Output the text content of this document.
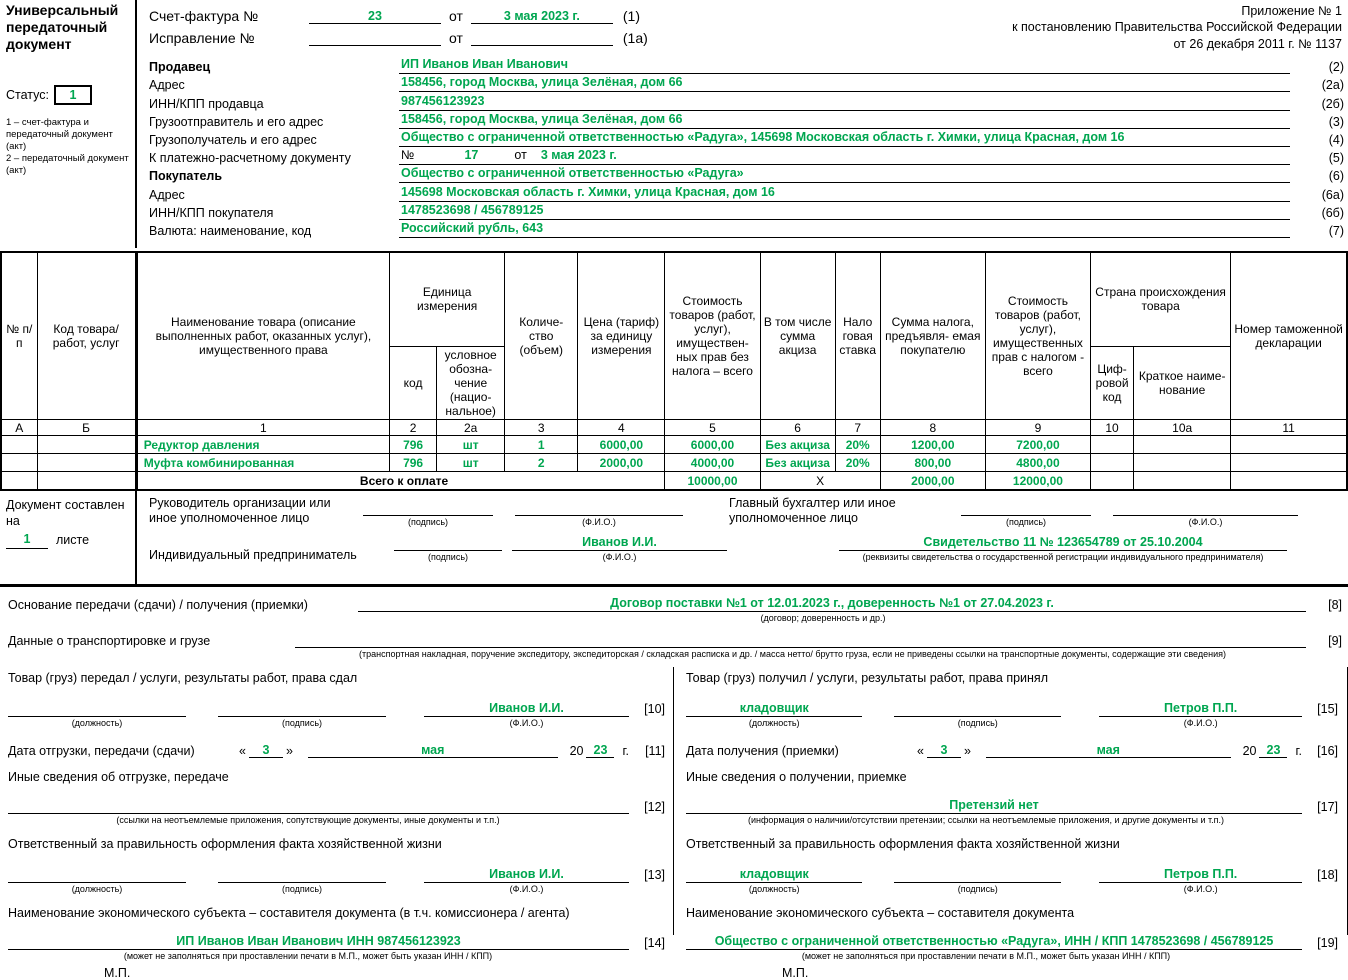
Универсальный передаточный документ
Статус:	1
1 – счет-фактура и передаточный документ (акт)
2 – передаточный документ (акт)
Приложение № 1
к постановлению Правительства Российской Федерации
от 26 декабря 2011 г. № 1137
Счет-фактура №	23	от	3 мая 2023 г.	(1)
Исправление №	от	(1а)
Продавец	ИП Иванов Иван Иванович	(2)
Адрес	158456, город Москва, улица Зелёная, дом 66	(2а)
ИНН/КПП продавца	987456123923	(2б)
Грузоотправитель и его адрес	158456, город Москва, улица Зелёная, дом 66	(3)
Грузополучатель и его адрес	Общество с ограниченной ответственностью «Радуга», 145698 Московская область г. Химки, улица Красная, дом 16	(4)
К платежно-расчетному документу	№	17	от 3 мая 2023 г.	(5)
Покупатель	Общество с ограниченной ответственностью «Радуга»	(6)
Адрес	145698 Московская область г. Химки, улица Красная, дом 16	(6а)
ИНН/КПП покупателя	1478523698 / 456789125	(6б)
Валюта: наименование, код	Российский рубль, 643	(7)
№ п/п	Код товара/ работ, услуг	Наименование товара (описание выполненных работ, оказанных услуг), имущественного права	Единица измерения		Количе- ство (объем)	Цена (тариф) за единицу измерения	Стоимость товаров (работ, услуг), имуществен- ных прав без налога – всего	В том числе сумма акциза	Нало говая ставка	Сумма налога, предъявля- емая покупателю	Стоимость товаров (работ, услуг), имущественных прав с налогом - всего	Страна происхождения товара		Номер таможенной декларации
			код	условное обозна- чение (нацио- нальное)								Циф- ровой код	Краткое наиме- нование	
А	Б	1	2	2а	3	4	5	6	7	8	9	10	10а	11
		Редуктор давления	796	шт	1	6000,00	6000,00	Без акциза	20%	1200,00	7200,00			
		Муфта комбинированная	796	шт	2	2000,00	4000,00	Без акциза	20%	800,00	4800,00			
		Всего к оплате					10000,00	X		2000,00	12000,00			
Документ составлен на
1	листе
Руководитель организации или иное уполномоченное лицо	(подпись)	(Ф.И.О.)
Главный бухгалтер или иное уполномоченное лицо	(подпись)	(Ф.И.О.)
Индивидуальный предприниматель	(подпись)
Иванов И.И.
(Ф.И.О.)
Свидетельство 11 № 123654789 от 25.10.2004
(реквизиты свидетельства о государственной регистрации индивидуального предпринимателя)
Основание передачи (сдачи) / получения (приемки)	Договор поставки №1 от 12.01.2023 г., доверенность №1 от 27.04.2023 г.	[8]
(договор; доверенность и др.)
Данные о транспортировке и грузе	[9]
(транспортная накладная, поручение экспедитору, экспедиторская / складская расписка и др. / масса нетто/ брутто груза, если не приведены ссылки на транспортные документы, содержащие эти сведения)
Товар (груз) передал / услуги, результаты работ, права сдал
(должность)	(подпись)
Иванов И.И.
(Ф.И.О.)
[10]
Дата отгрузки, передачи (сдачи)	«	3	»	мая	20 23	г.	[11]
Иные сведения об отгрузке, передаче
[12]
(ссылки на неотъемлемые приложения, сопутствующие документы, иные документы и т.п.)
Ответственный за правильность оформления факта хозяйственной жизни
(должность)	(подпись)
Иванов И.И.
(Ф.И.О.)
[13]
Наименование экономического субъекта – составителя документа (в т.ч. комиссионера / агента)
ИП Иванов Иван Иванович ИНН 987456123923	[14]
(может не заполняться при проставлении печати в М.П., может быть указан ИНН / КПП)
М.П.
Товар (груз) получил / услуги, результаты работ, права принял
кладовщик
(должность)	(подпись)
Петров П.П.
(Ф.И.О.)
[15]
Дата получения (приемки)	«	3	»	мая	20 23	г.	[16]
Иные сведения о получении, приемке
Претензий нет	[17]
(информация о наличии/отсутствии претензии; ссылки на неотъемлемые приложения, и другие документы и т.п.)
Ответственный за правильность оформления факта хозяйственной жизни
кладовщик
(должность)	(подпись)
Петров П.П.
(Ф.И.О.)
[18]
Наименование экономического субъекта – составителя документа
Общество с ограниченной ответственностью «Радуга», ИНН / КПП 1478523698 / 456789125	[19]
(может не заполняться при проставлении печати в М.П., может быть указан ИНН / КПП)
М.П.
